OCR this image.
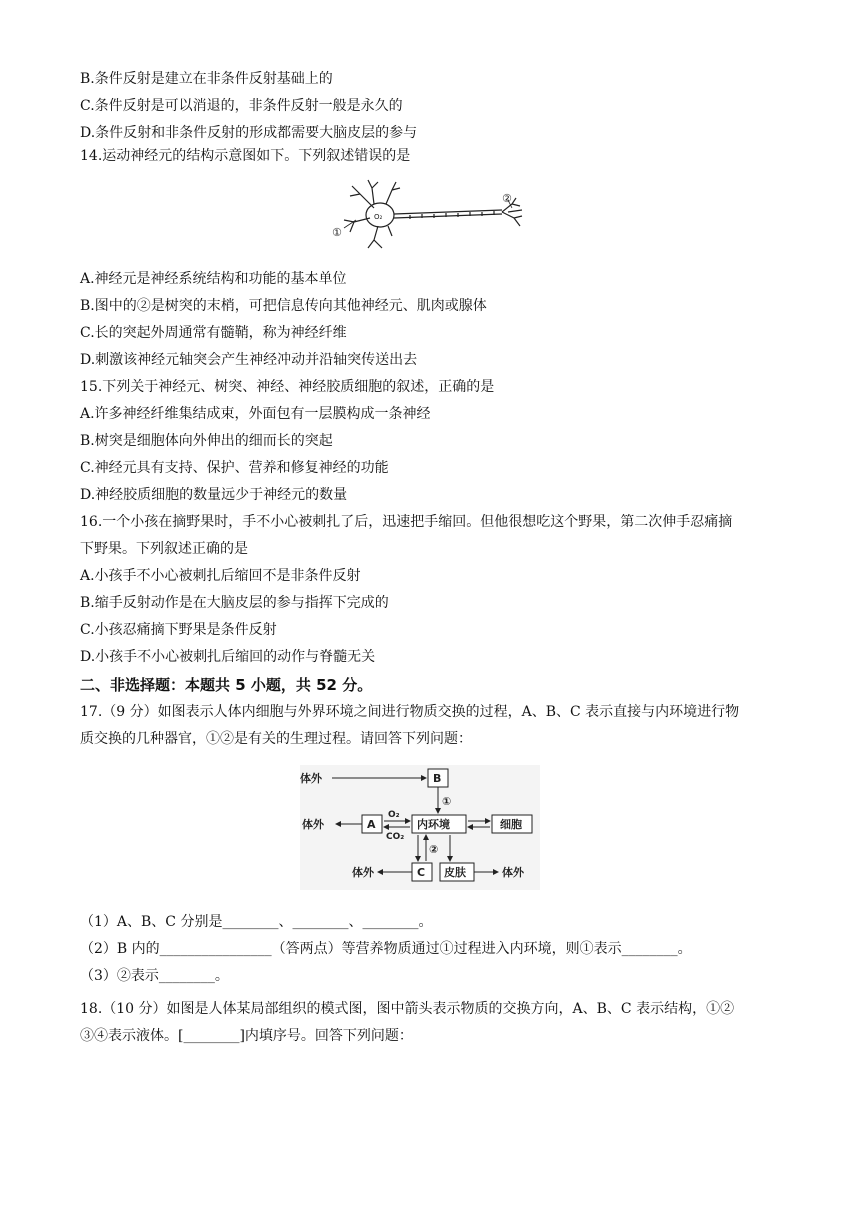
B.条件反射是建立在非条件反射基础上的
C.条件反射是可以消退的，非条件反射一般是永久的
D.条件反射和非条件反射的形成都需要大脑皮层的参与
14.运动神经元的结构示意图如下。下列叙述错误的是
O₂
①
②
A.神经元是神经系统结构和功能的基本单位
B.图中的②是树突的末梢，可把信息传向其他神经元、肌肉或腺体
C.长的突起外周通常有髓鞘，称为神经纤维
D.刺激该神经元轴突会产生神经冲动并沿轴突传送出去
15.下列关于神经元、树突、神经、神经胶质细胞的叙述，正确的是
A.许多神经纤维集结成束，外面包有一层膜构成一条神经
B.树突是细胞体向外伸出的细而长的突起
C.神经元具有支持、保护、营养和修复神经的功能
D.神经胶质细胞的数量远少于神经元的数量
16.一个小孩在摘野果时，手不小心被刺扎了后，迅速把手缩回。但他很想吃这个野果，第二次伸手忍痛摘
下野果。下列叙述正确的是
A.小孩手不小心被刺扎后缩回不是非条件反射
B.缩手反射动作是在大脑皮层的参与指挥下完成的
C.小孩忍痛摘下野果是条件反射
D.小孩手不小心被刺扎后缩回的动作与脊髓无关
二、非选择题：本题共 5 小题，共 52 分。
17.（9 分）如图表示人体内细胞与外界环境之间进行物质交换的过程，A、B、C 表示直接与内环境进行物
质交换的几种器官，①②是有关的生理过程。请回答下列问题：
体外	B
①
体外	A
O₂
CO₂
内环境	细胞
②
体外	C 皮肤	体外
（1）A、B、C 分别是________、________、________。
（2）B 内的________________（答两点）等营养物质通过①过程进入内环境，则①表示________。
（3）②表示________。
18.（10 分）如图是人体某局部组织的模式图，图中箭头表示物质的交换方向，A、B、C 表示结构，①②
③④表示液体。[________]内填序号。回答下列问题：
